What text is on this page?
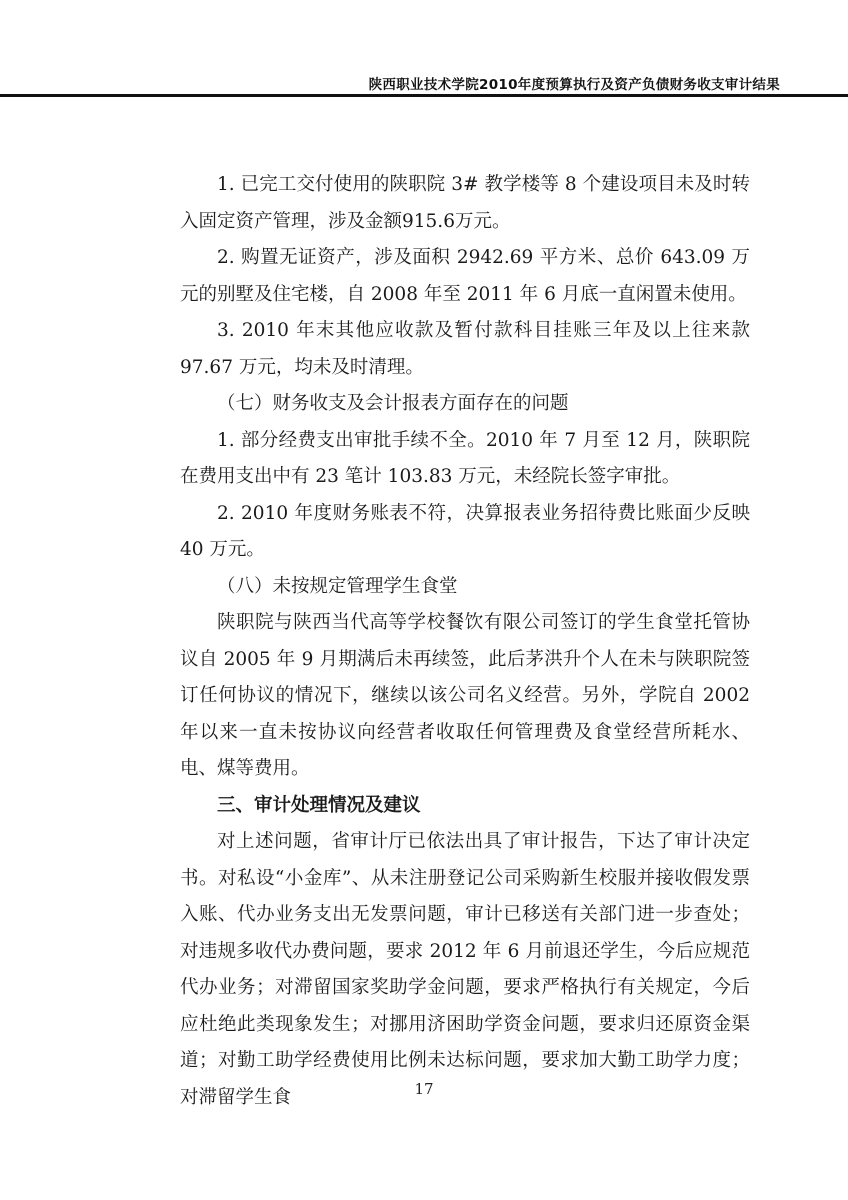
陕西职业技术学院2010年度预算执行及资产负债财务收支审计结果

1. 已完工交付使用的陕职院 3# 教学楼等 8 个建设项目未及时转入固定资产管理，涉及金额915.6万元。

2. 购置无证资产，涉及面积 2942.69 平方米、总价 643.09 万元的别墅及住宅楼，自 2008 年至 2011 年 6 月底一直闲置未使用。

3. 2010 年末其他应收款及暂付款科目挂账三年及以上往来款 97.67 万元，均未及时清理。

（七）财务收支及会计报表方面存在的问题

1. 部分经费支出审批手续不全。2010 年 7 月至 12 月，陕职院在费用支出中有 23 笔计 103.83 万元，未经院长签字审批。

2. 2010 年度财务账表不符，决算报表业务招待费比账面少反映 40 万元。

（八）未按规定管理学生食堂

陕职院与陕西当代高等学校餐饮有限公司签订的学生食堂托管协议自 2005 年 9 月期满后未再续签，此后茅洪升个人在未与陕职院签订任何协议的情况下，继续以该公司名义经营。另外，学院自 2002 年以来一直未按协议向经营者收取任何管理费及食堂经营所耗水、电、煤等费用。

三、审计处理情况及建议

对上述问题，省审计厅已依法出具了审计报告，下达了审计决定书。对私设“小金库”、从未注册登记公司采购新生校服并接收假发票入账、代办业务支出无发票问题，审计已移送有关部门进一步查处；对违规多收代办费问题，要求 2012 年 6 月前退还学生，今后应规范代办业务；对滞留国家奖助学金问题，要求严格执行有关规定，今后应杜绝此类现象发生；对挪用济困助学资金问题，要求归还原资金渠道；对勤工助学经费使用比例未达标问题，要求加大勤工助学力度；对滞留学生食	17
